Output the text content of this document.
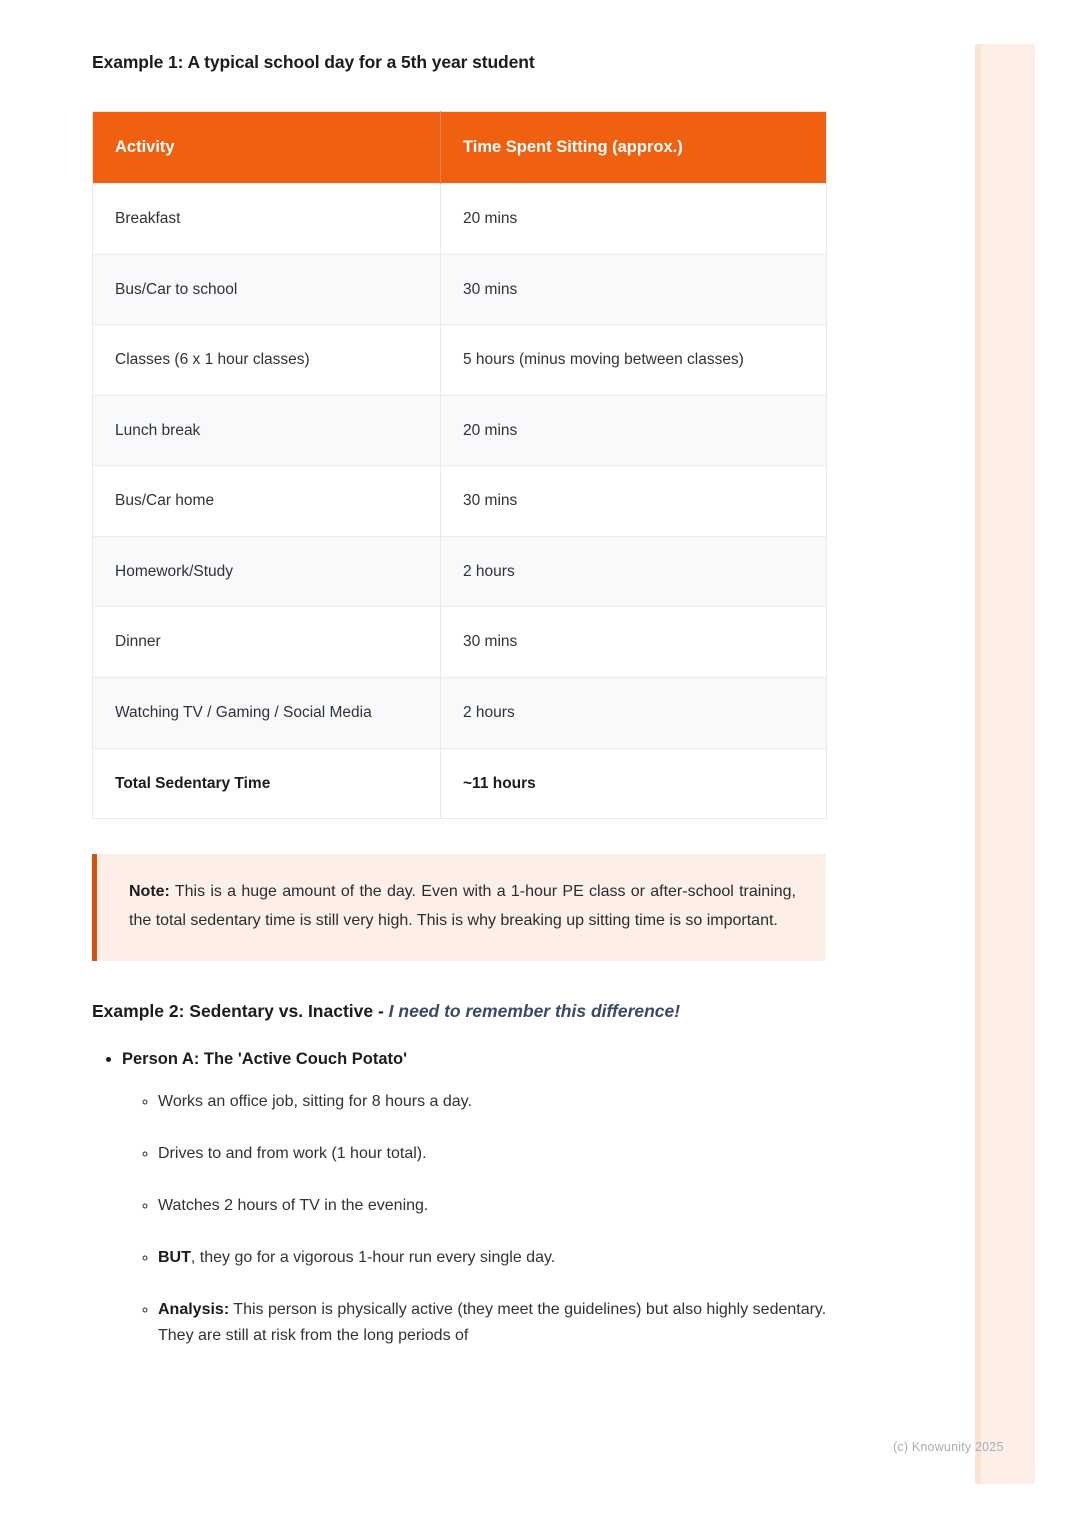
Example 1: A typical school day for a 5th year student
Activity	Time Spent Sitting (approx.)
Breakfast	20 mins
Bus/Car to school	30 mins
Classes (6 x 1 hour classes)	5 hours (minus moving between classes)
Lunch break	20 mins
Bus/Car home	30 mins
Homework/Study	2 hours
Dinner	30 mins
Watching TV / Gaming / Social Media	2 hours
Total Sedentary Time	~11 hours
Note: This is a huge amount of the day. Even with a 1-hour PE class or after-school training, the total sedentary time is still very high. This is why breaking up sitting time is so important.
Example 2: Sedentary vs. Inactive - I need to remember this difference!
• Person A: The 'Active Couch Potato'
◦ Works an office job, sitting for 8 hours a day.
◦ Drives to and from work (1 hour total).
◦ Watches 2 hours of TV in the evening.
◦ BUT, they go for a vigorous 1-hour run every single day.
◦ Analysis: This person is physically active (they meet the guidelines) but also highly sedentary. They are still at risk from the long periods of
(c) Knowunity 2025
